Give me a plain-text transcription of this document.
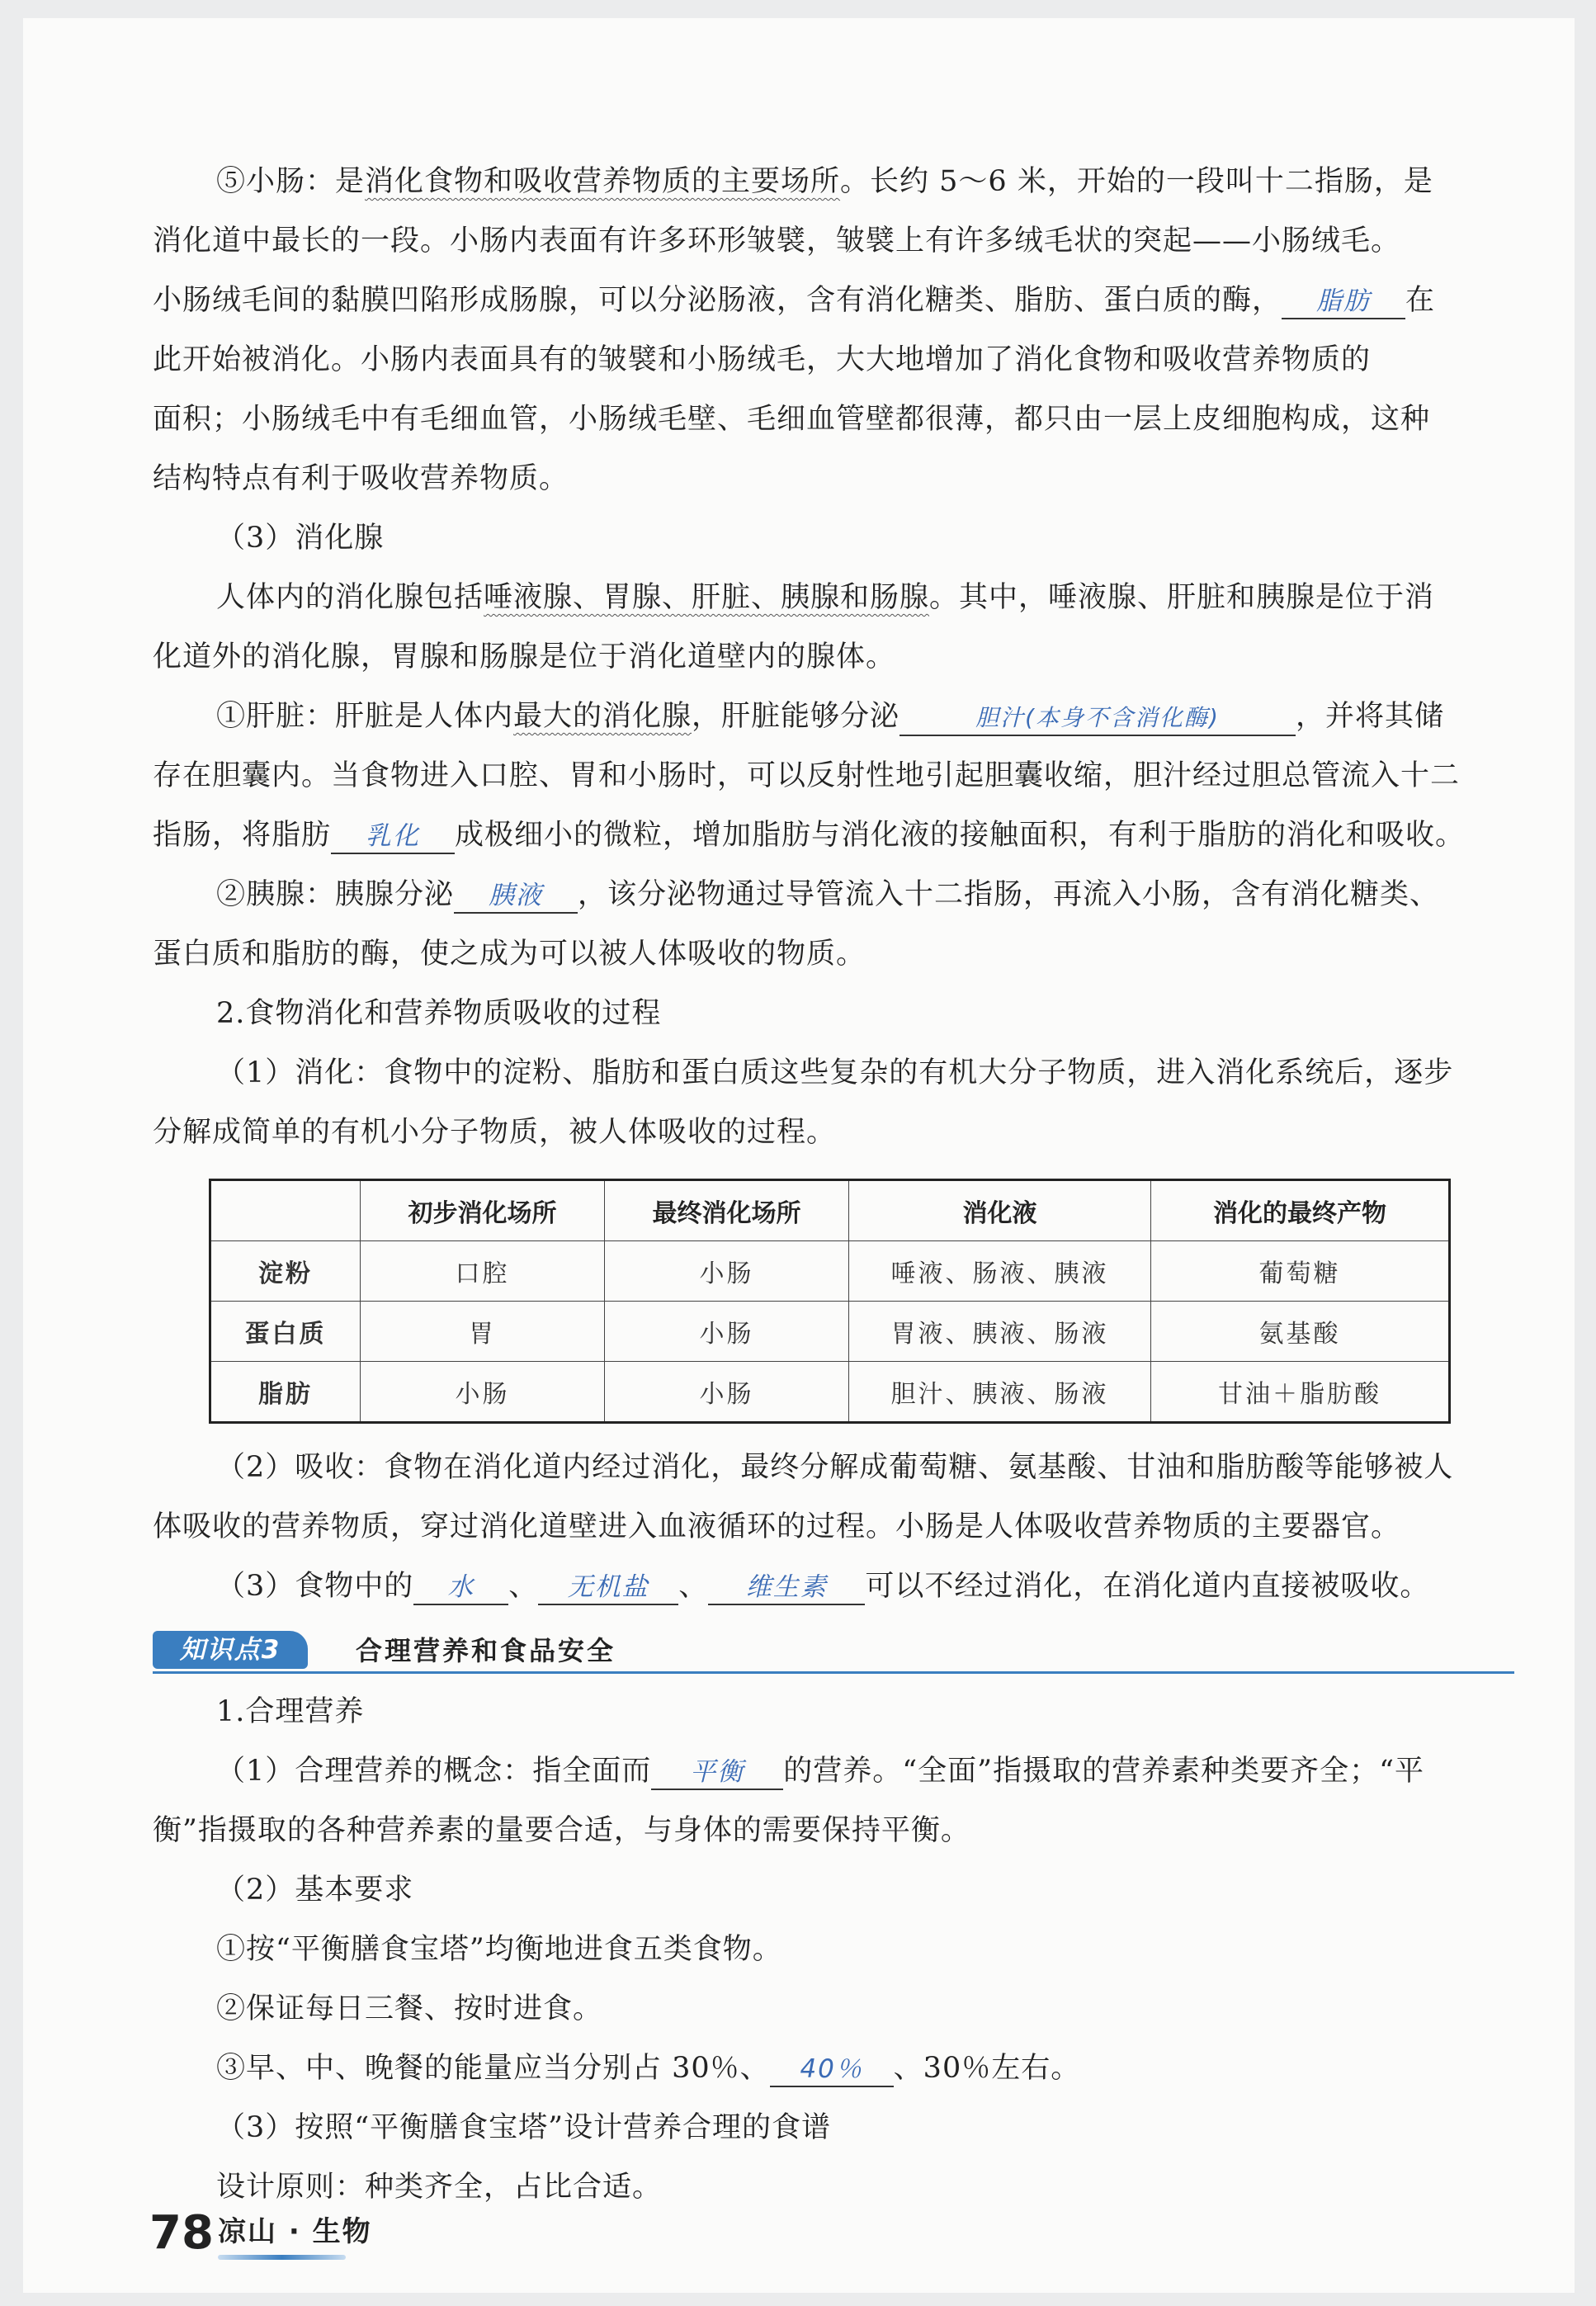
⑤小肠：是消化食物和吸收营养物质的主要场所。长约 5～6 米，开始的一段叫十二指肠，是
消化道中最长的一段。小肠内表面有许多环形皱襞，皱襞上有许多绒毛状的突起——小肠绒毛。
小肠绒毛间的黏膜凹陷形成肠腺，可以分泌肠液，含有消化糖类、脂肪、蛋白质的酶， 脂肪 在
此开始被消化。小肠内表面具有的皱襞和小肠绒毛，大大地增加了消化食物和吸收营养物质的
面积；小肠绒毛中有毛细血管，小肠绒毛壁、毛细血管壁都很薄，都只由一层上皮细胞构成，这种
结构特点有利于吸收营养物质。
（3）消化腺
人体内的消化腺包括唾液腺、胃腺、肝脏、胰腺和肠腺。其中，唾液腺、肝脏和胰腺是位于消
化道外的消化腺，胃腺和肠腺是位于消化道壁内的腺体。
①肝脏：肝脏是人体内最大的消化腺，肝脏能够分泌	胆汁(本身不含消化酶)	，并将其储
存在胆囊内。当食物进入口腔、胃和小肠时，可以反射性地引起胆囊收缩，胆汁经过胆总管流入十二
指肠，将脂肪 乳化 成极细小的微粒，增加脂肪与消化液的接触面积，有利于脂肪的消化和吸收。
②胰腺：胰腺分泌 胰液 ，该分泌物通过导管流入十二指肠，再流入小肠，含有消化糖类、
蛋白质和脂肪的酶，使之成为可以被人体吸收的物质。
2.食物消化和营养物质吸收的过程
（1）消化：食物中的淀粉、脂肪和蛋白质这些复杂的有机大分子物质，进入消化系统后，逐步
分解成简单的有机小分子物质，被人体吸收的过程。
	初步消化场所	最终消化场所	消化液	消化的最终产物
淀粉	口腔	小肠	唾液、肠液、胰液	葡萄糖
蛋白质	胃	小肠	胃液、胰液、肠液	氨基酸
脂肪	小肠	小肠	胆汁、胰液、肠液	甘油＋脂肪酸
（2）吸收：食物在消化道内经过消化，最终分解成葡萄糖、氨基酸、甘油和脂肪酸等能够被人
体吸收的营养物质，穿过消化道壁进入血液循环的过程。小肠是人体吸收营养物质的主要器官。
（3）食物中的 水 、 无机盐 、 维生素 可以不经过消化，在消化道内直接被吸收。
知识点3	合理营养和食品安全
1.合理营养
（1）合理营养的概念：指全面而 平衡 的营养。“全面”指摄取的营养素种类要齐全；“平
衡”指摄取的各种营养素的量要合适，与身体的需要保持平衡。
（2）基本要求
①按“平衡膳食宝塔”均衡地进食五类食物。
②保证每日三餐、按时进食。
③早、中、晚餐的能量应当分别占 30％、 40％ 、30％左右。
（3）按照“平衡膳食宝塔”设计营养合理的食谱
设计原则：种类齐全，占比合适。
78 凉山 · 生物
